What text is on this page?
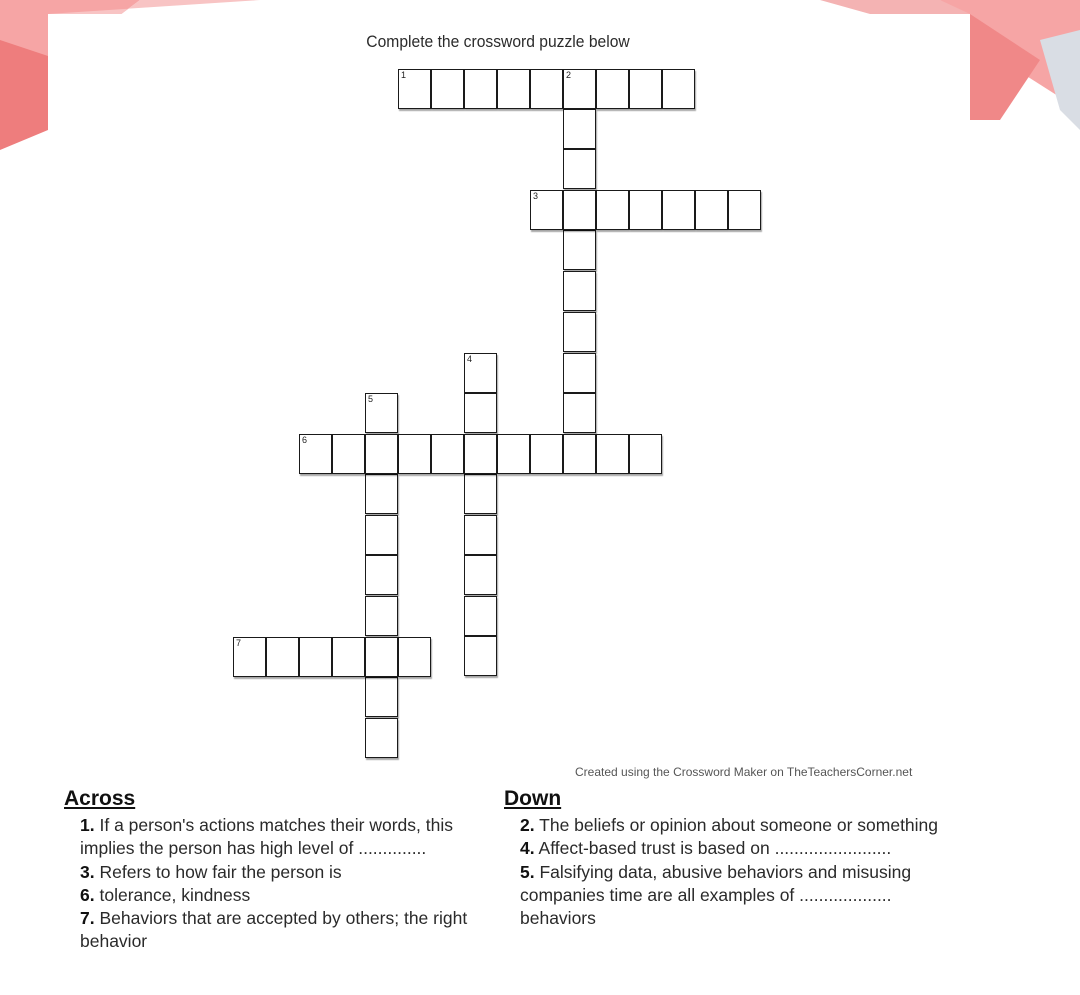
Complete the crossword puzzle below
1	2
3
4
5
6
7
Created using the Crossword Maker on TheTeachersCorner.net
Across
1. If a person's actions matches their words, this
implies the person has high level of ..............
3. Refers to how fair the person is
6. tolerance, kindness
7. Behaviors that are accepted by others; the right
behavior
Down
2. The beliefs or opinion about someone or something
4. Affect-based trust is based on ........................
5. Falsifying data, abusive behaviors and misusing
companies time are all examples of ...................
behaviors
